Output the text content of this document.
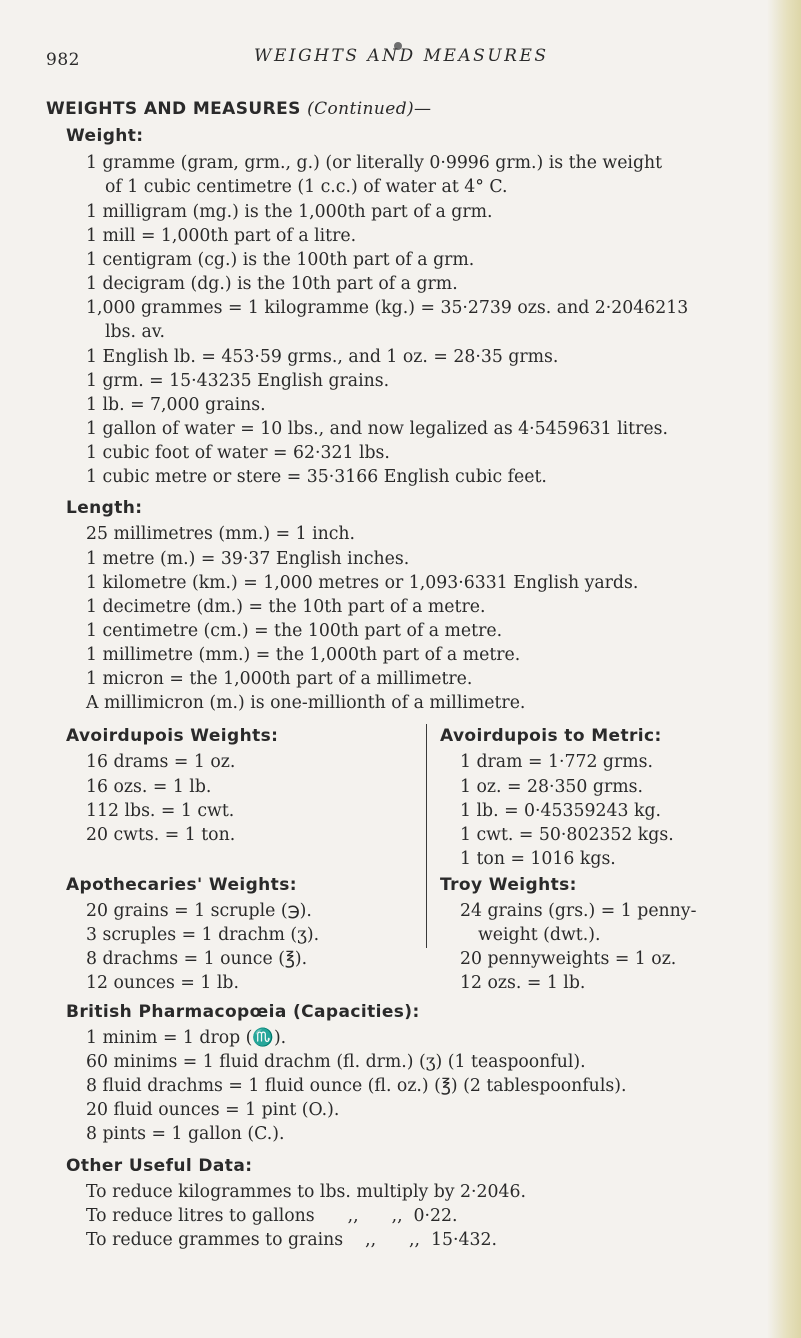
982	WEIGHTS AND MEASURES
WEIGHTS AND MEASURES (Continued)—
Weight:
1 gramme (gram, grm., g.) (or literally 0·9996 grm.) is the weight
of 1 cubic centimetre (1 c.c.) of water at 4° C.
1 milligram (mg.) is the 1,000th part of a grm.
1 mill = 1,000th part of a litre.
1 centigram (cg.) is the 100th part of a grm.
1 decigram (dg.) is the 10th part of a grm.
1,000 grammes = 1 kilogramme (kg.) = 35·2739 ozs. and 2·2046213
lbs. av.
1 English lb. = 453·59 grms., and 1 oz. = 28·35 grms.
1 grm. = 15·43235 English grains.
1 lb. = 7,000 grains.
1 gallon of water = 10 lbs., and now legalized as 4·5459631 litres.
1 cubic foot of water = 62·321 lbs.
1 cubic metre or stere = 35·3166 English cubic feet.
Length:
25 millimetres (mm.) = 1 inch.
1 metre (m.) = 39·37 English inches.
1 kilometre (km.) = 1,000 metres or 1,093·6331 English yards.
1 decimetre (dm.) = the 10th part of a metre.
1 centimetre (cm.) = the 100th part of a metre.
1 millimetre (mm.) = the 1,000th part of a metre.
1 micron = the 1,000th part of a millimetre.
A millimicron (m.) is one-millionth of a millimetre.
Avoirdupois Weights:
16 drams = 1 oz.
16 ozs. = 1 lb.
112 lbs. = 1 cwt.
20 cwts. = 1 ton.
Avoirdupois to Metric:
1 dram = 1·772 grms.
1 oz. = 28·350 grms.
1 lb. = 0·45359243 kg.
1 cwt. = 50·802352 kgs.
1 ton = 1016 kgs.
Apothecaries' Weights:
20 grains = 1 scruple (℈).
3 scruples = 1 drachm (ʒ).
8 drachms = 1 ounce (℥).
12 ounces = 1 lb.
Troy Weights:
24 grains (grs.) = 1 penny-
weight (dwt.).
20 pennyweights = 1 oz.
12 ozs. = 1 lb.
British Pharmacopœia (Capacities):
1 minim = 1 drop (♏).
60 minims = 1 fluid drachm (fl. drm.) (ʒ) (1 teaspoonful).
8 fluid drachms = 1 fluid ounce (fl. oz.) (℥) (2 tablespoonfuls).
20 fluid ounces = 1 pint (O.).
8 pints = 1 gallon (C.).
Other Useful Data:
To reduce kilogrammes to lbs. multiply by 2·2046.
To reduce litres to gallons      ,,      ,,  0·22.
To reduce grammes to grains    ,,      ,,  15·432.
